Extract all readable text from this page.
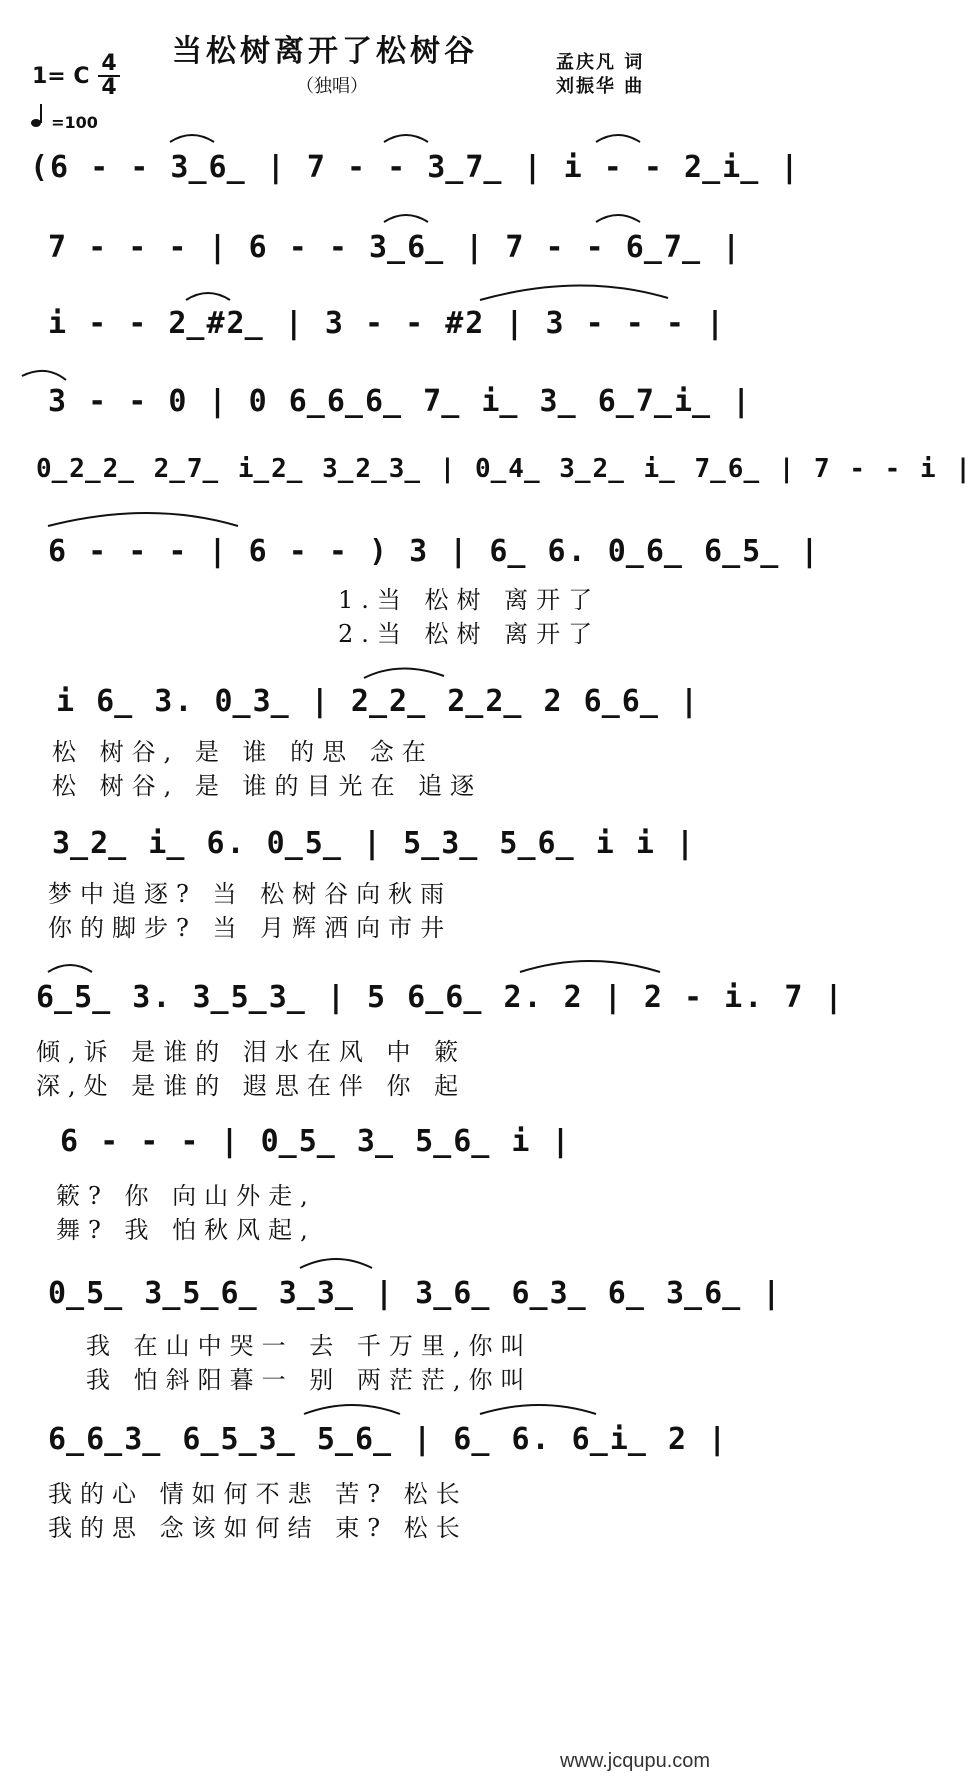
当松树离开了松树谷
（独唱）
孟庆凡 词
刘振华 曲
1= C
4
4
=100
(6 - - 3̲6̲ | 7 - - 3̲7̲ | i - - 2̲i̲ |
7 - - - | 6 - - 3̲6̲ | 7 - - 6̲7̲ |
i - - 2̲#2̲ | 3 - - #2 | 3 - - - |
3 - - 0 | 0 6̲6̲6̲ 7̲ i̲ 3̲ 6̲7̲i̲ |
0̲2̲2̲ 2̲7̲ i̲2̲ 3̲2̲3̲ | 0̲4̲ 3̲2̲ i̲ 7̲6̲ | 7 - - i |
6 - - - | 6 - - ) 3 | 6̲ 6. 0̲6̲ 6̲5̲ |
1.当 松树 离开了
2.当 松树 离开了
i 6̲ 3. 0̲3̲ | 2̲2̲ 2̲2̲ 2 6̲6̲ |
松 树谷, 是 谁 的思 念在
松 树谷, 是 谁的目光在 追逐
3̲2̲ i̲ 6. 0̲5̲ | 5̲3̲ 5̲6̲ i i |
梦中追逐? 当 松树谷向秋雨
你的脚步? 当 月辉洒向市井
6̲5̲ 3. 3̲5̲3̲ | 5 6̲6̲ 2. 2 | 2 - i. 7 |
倾,诉 是谁的 泪水在风 中 簌
深,处 是谁的 遐思在伴 你 起
6 - - - | 0̲5̲ 3̲ 5̲6̲ i |
簌? 你 向山外走,
舞? 我 怕秋风起,
0̲5̲ 3̲5̲6̲ 3̲3̲ | 3̲6̲ 6̲3̲ 6̲ 3̲6̲ |
我 在山中哭一 去 千万里,你叫
我 怕斜阳暮一 别 两茫茫,你叫
6̲6̲3̲ 6̲5̲3̲ 5̲6̲ | 6̲ 6. 6̲i̲ 2 |
我的心 情如何不悲 苦? 松长
我的思 念该如何结 束? 松长
www.jcqupu.com
